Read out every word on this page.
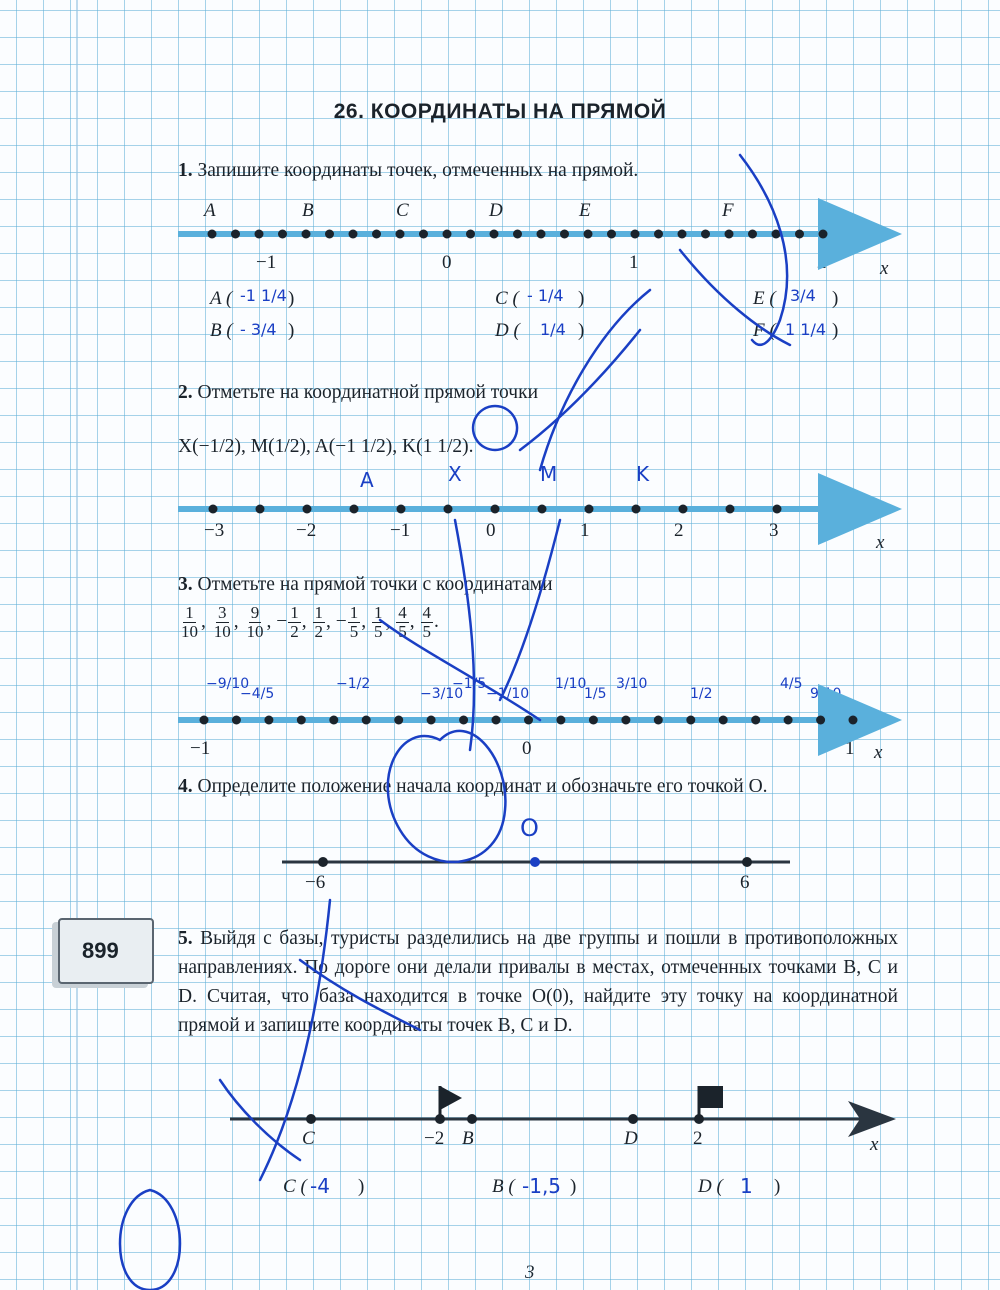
26. КООРДИНАТЫ НА ПРЯМОЙ
1. Запишите координаты точек, отмеченных на прямой.
A	B	C	D	E	F
−1	0	1	2	x
A ( -1 1/4 )
B ( - 3/4 )
C ( - 1/4 )
D ( 1/4 )
E ( 3/4 )
F ( 1 1/4 )
2. Отметьте на координатной прямой точки
X(−1/2), M(1/2), A(−1 1/2), K(1 1/2).
−3	−2	−1	0	1	2	3
x
A	X	M	K
3. Отметьте на прямой точки с координатами
$\frac{1}{10}$ , $\frac{3}{10}$ , $\frac{9}{10}$ , − $\frac{1}{2}$ , $\frac{1}{2}$ , − $\frac{1}{5}$ , $\frac{1}{5}$ , $\frac{4}{5}$ , $\frac{4}{5}$ .
−9/10
−4/5
−1/2
−3/10
−1/5
−1/10
1/10
1/5
3/10
1/2
4/5
9/10
−1	0	1 x
4. Определите положение начала координат и обозначьте его точкой O.
−6	6
O
899	5. Выйдя с базы, туристы разделились на две группы и пошли в противоположных направлениях. По дороге они делали привалы в местах, отмеченных точками B, C и D. Считая, что база находится в точке O(0), найдите эту точку на координатной прямой и запишите координаты точек B, C и D.
C	−2 B	D	2	x
C ( -4 )	B ( -1,5 )	D ( 1 )
3
